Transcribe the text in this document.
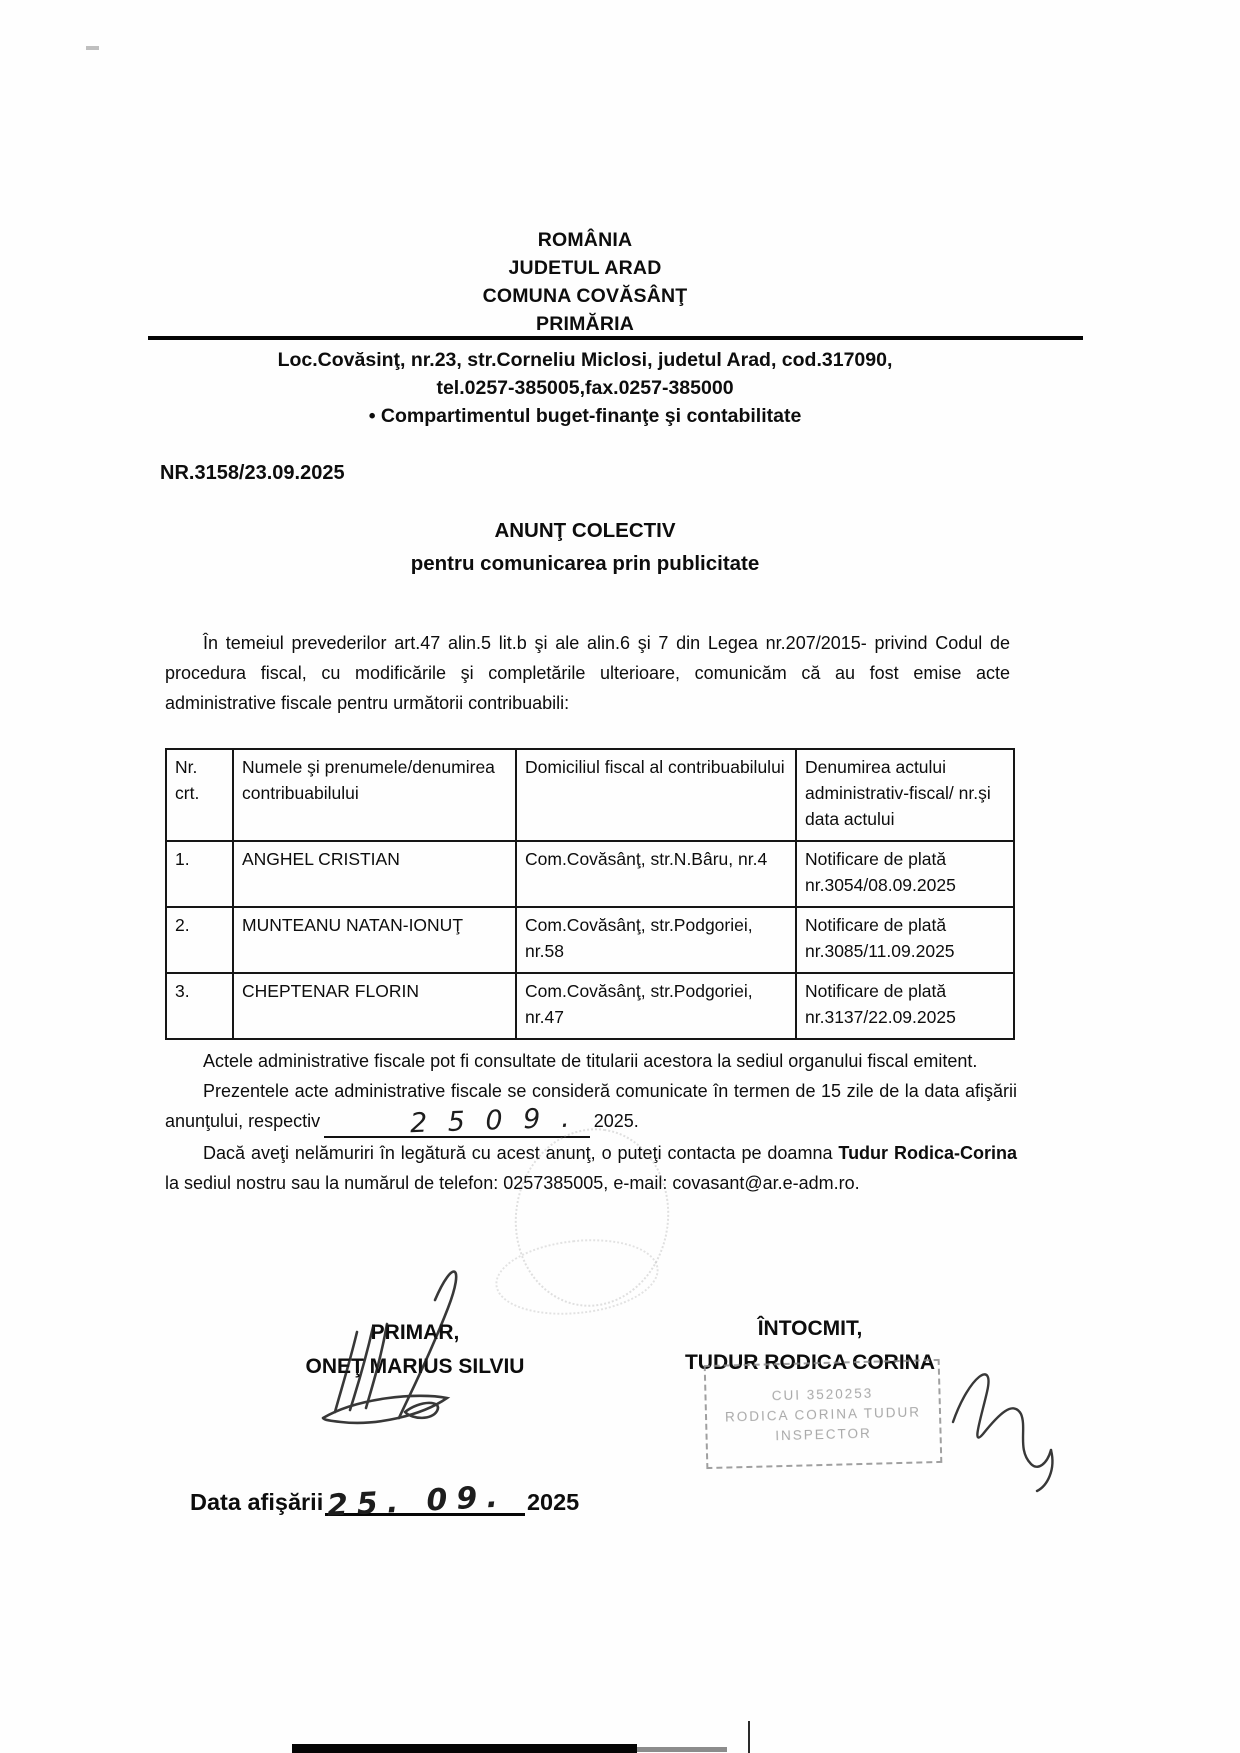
ROMÂNIA
JUDETUL ARAD
COMUNA COVĂSÂNŢ
PRIMĂRIA
Loc.Covăsinţ, nr.23, str.Corneliu Miclosi, judetul Arad, cod.317090,
tel.0257-385005,fax.0257-385000
• Compartimentul buget-finanţe şi contabilitate
NR.3158/23.09.2025
ANUNŢ COLECTIV
pentru comunicarea prin publicitate

În temeiul prevederilor art.47 alin.5 lit.b şi ale alin.6 şi 7 din Legea nr.207/2015- privind Codul de procedura fiscal, cu modificările şi completările ulterioare, comunicăm că au fost emise acte administrative fiscale pentru următorii contribuabili:

Nr. crt.	Numele şi prenumele/denumirea contribuabilului	Domiciliul fiscal al contribuabilului	Denumirea actului administrativ-fiscal/ nr.şi data actului
1.	ANGHEL CRISTIAN	Com.Covăsânţ, str.N.Bâru, nr.4	Notificare de plată nr.3054/08.09.2025
2.	MUNTEANU NATAN-IONUŢ	Com.Covăsânţ, str.Podgoriei, nr.58	Notificare de plată nr.3085/11.09.2025
3.	CHEPTENAR FLORIN	Com.Covăsânţ, str.Podgoriei, nr.47	Notificare de plată nr.3137/22.09.2025

Actele administrative fiscale pot fi consultate de titularii acestora la sediul organului fiscal emitent.

Prezentele acte administrative fiscale se consideră comunicate în termen de 15 zile de la data afişării anunţului, respectiv	2 5 0 9 . 2025.

Dacă aveţi nelămuriri în legătură cu acest anunţ, o puteţi contacta pe doamna Tudur Rodica-Corina la sediul nostru sau la numărul de telefon: 0257385005, e-mail: covasant@ar.e-adm.ro.

PRIMAR,
ONEŢ MARIUS SILVIU
ÎNTOCMIT,
TUDUR RODICA CORINA
CUI 3520253
RODICA CORINA TUDUR
INSPECTOR
Data afişării 25. 09. 2025
